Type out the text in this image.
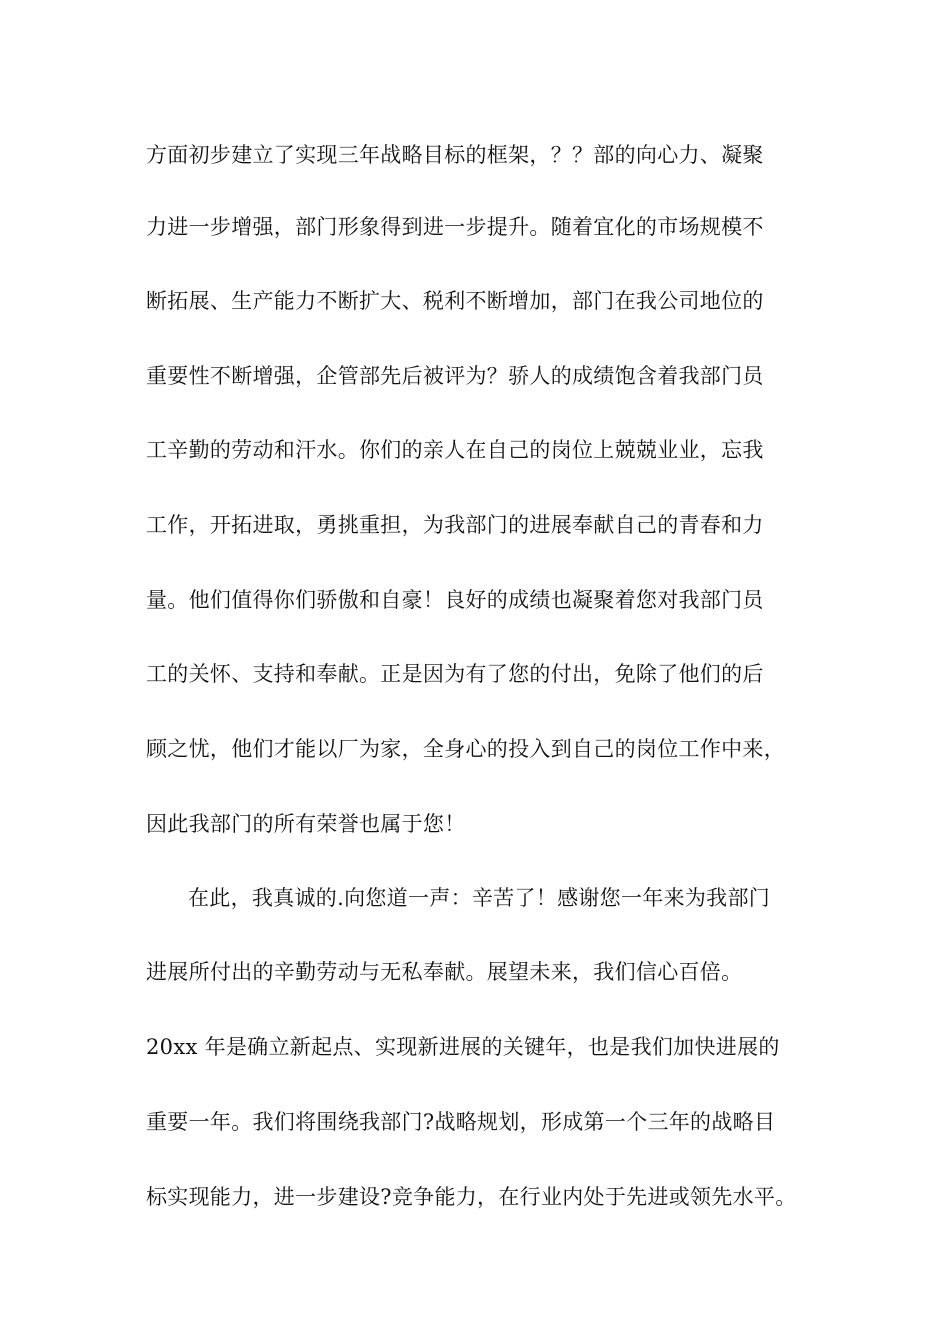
方面初步建立了实现三年战略目标的框架，？？部的向心力、凝聚
力进一步增强，部门形象得到进一步提升。随着宜化的市场规模不
断拓展、生产能力不断扩大、税利不断增加，部门在我公司地位的
重要性不断增强，企管部先后被评为？骄人的成绩饱含着我部门员
工辛勤的劳动和汗水。你们的亲人在自己的岗位上兢兢业业，忘我
工作，开拓进取，勇挑重担，为我部门的进展奉献自己的青春和力
量。他们值得你们骄傲和自豪！良好的成绩也凝聚着您对我部门员
工的关怀、支持和奉献。正是因为有了您的付出，免除了他们的后
顾之忧，他们才能以厂为家，全身心的投入到自己的岗位工作中来，
因此我部门的所有荣誉也属于您！
在此，我真诚的.向您道一声：辛苦了！感谢您一年来为我部门
进展所付出的辛勤劳动与无私奉献。展望未来，我们信心百倍。
20xx 年是确立新起点、实现新进展的关键年，也是我们加快进展的
重要一年。我们将围绕我部门?战略规划，形成第一个三年的战略目
标实现能力，进一步建设?竞争能力，在行业内处于先进或领先水平。
